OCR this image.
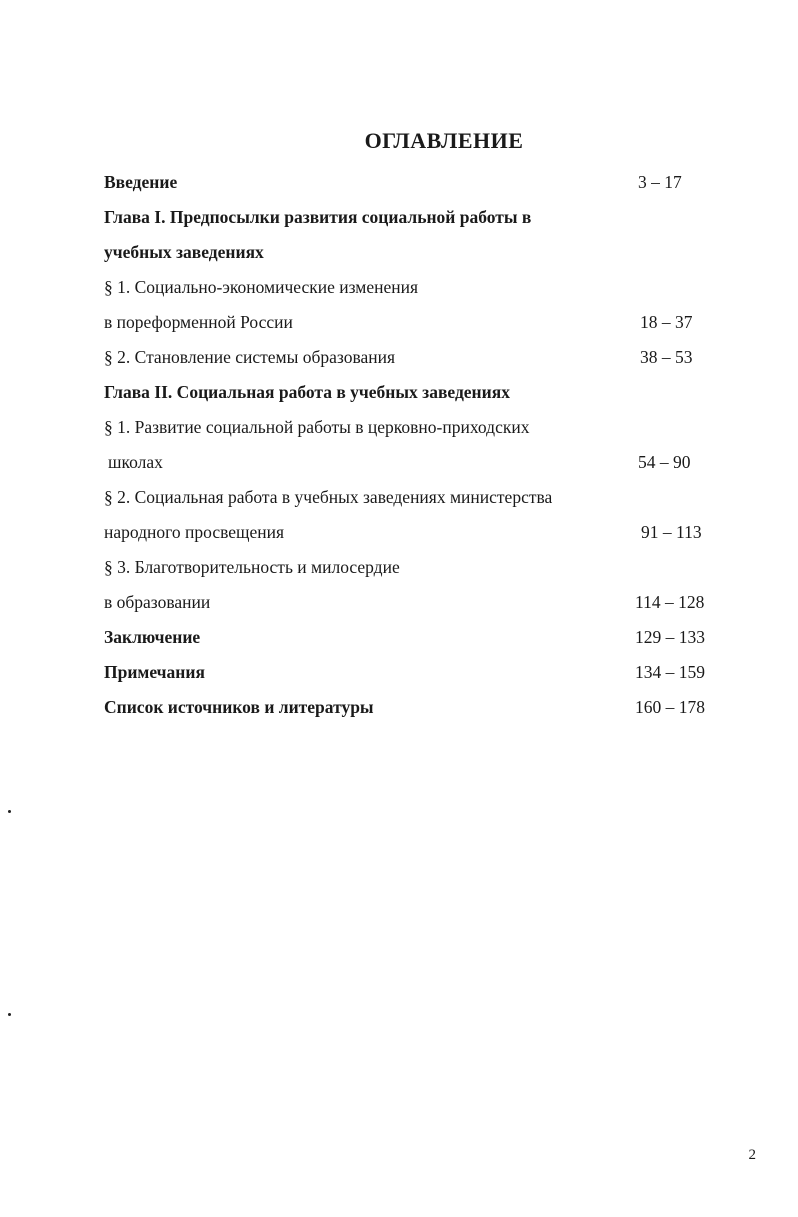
ОГЛАВЛЕНИЕ
Введение	3 – 17
Глава I. Предпосылки развития социальной работы в
учебных заведениях
§ 1. Социально-экономические изменения
в пореформенной России	18 – 37
§ 2. Становление системы образования	38 – 53
Глава II. Социальная работа в учебных заведениях
§ 1. Развитие социальной работы в церковно-приходских
школах	54 – 90
§ 2. Социальная работа в учебных заведениях министерства
народного просвещения	91 – 113
§ 3. Благотворительность и милосердие
в образовании	114 – 128
Заключение	129 – 133
Примечания	134 – 159
Список источников и литературы	160 – 178
2
